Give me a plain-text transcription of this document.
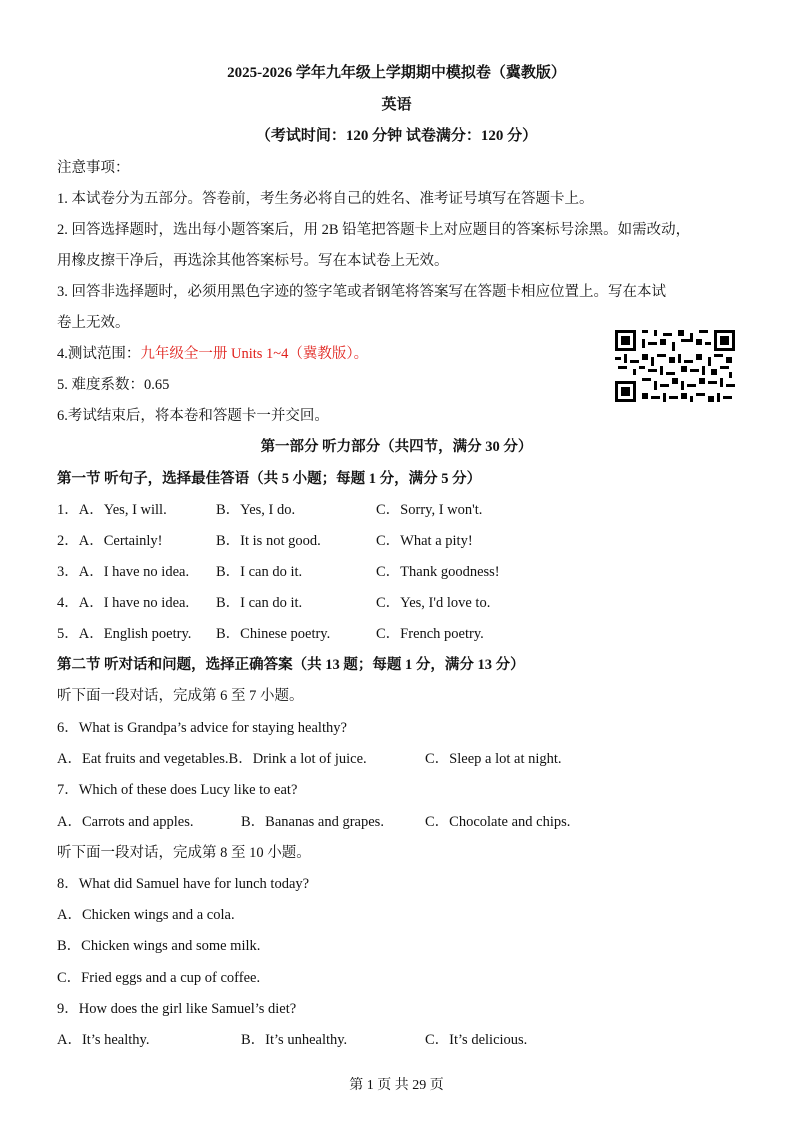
2025-2026 学年九年级上学期期中模拟卷（冀教版）
英语
（考试时间：120 分钟 试卷满分：120 分）
注意事项：
1. 本试卷分为五部分。答卷前，考生务必将自己的姓名、准考证号填写在答题卡上。
2. 回答选择题时，选出每小题答案后，用 2B 铅笔把答题卡上对应题目的答案标号涂黑。如需改动，
用橡皮擦干净后，再选涂其他答案标号。写在本试卷上无效。
3. 回答非选择题时，必须用黑色字迹的签字笔或者钢笔将答案写在答题卡相应位置上。写在本试
卷上无效。
4.测试范围：九年级全一册 Units 1~4（冀教版）。
5. 难度系数：0.65
6.考试结束后，将本卷和答题卡一并交回。
第一部分 听力部分（共四节，满分 30 分）
第一节 听句子，选择最佳答语（共 5 小题；每题 1 分，满分 5 分）
1．A．Yes, I will.	B．Yes, I do.	C．Sorry, I won't.
2．A．Certainly!	B．It is not good.	C．What a pity!
3．A．I have no idea. B．I can do it.	C．Thank goodness!
4．A．I have no idea. B．I can do it.	C．Yes, I'd love to.
5．A．English poetry. B．Chinese poetry.	C．French poetry.
第二节 听对话和问题，选择正确答案（共 13 题；每题 1 分，满分 13 分）
听下面一段对话，完成第 6 至 7 小题。
6．What is Grandpa’s advice for staying healthy?
A．Eat fruits and vegetables.B．Drink a lot of juice.	C．Sleep a lot at night.
7．Which of these does Lucy like to eat?
A．Carrots and apples.	B．Bananas and grapes.	C．Chocolate and chips.
听下面一段对话，完成第 8 至 10 小题。
8．What did Samuel have for lunch today?
A．Chicken wings and a cola.
B．Chicken wings and some milk.
C．Fried eggs and a cup of coffee.
9．How does the girl like Samuel’s diet?
A．It’s healthy.	B．It’s unhealthy.	C．It’s delicious.
第 1 页 共 29 页
